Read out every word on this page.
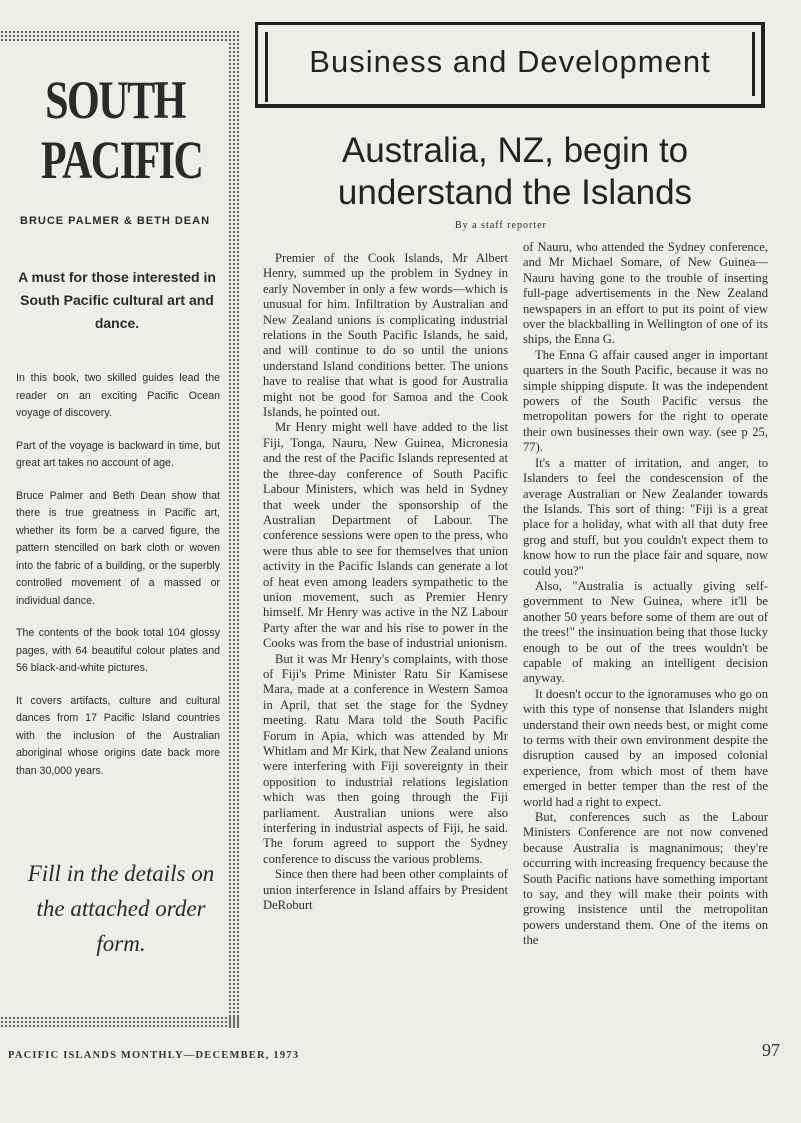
SOUTH PACIFIC
BRUCE PALMER & BETH DEAN
A must for those interested in South Pacific cultural art and dance.

In this book, two skilled guides lead the reader on an exciting Pacific Ocean voyage of discovery.

Part of the voyage is backward in time, but great art takes no account of age.

Bruce Palmer and Beth Dean show that there is true greatness in Pacific art, whether its form be a carved figure, the pattern stencilled on bark cloth or woven into the fabric of a building, or the superbly controlled movement of a massed or individual dance.

The contents of the book total 104 glossy pages, with 64 beautiful colour plates and 56 black-and-white pictures.

It covers artifacts, culture and cultural dances from 17 Pacific Island countries with the inclusion of the Australian aboriginal whose origins date back more than 30,000 years.

Fill in the details on the attached order form.
Business and Development
Australia, NZ, begin to understand the Islands
By a staff reporter

Premier of the Cook Islands, Mr Albert Henry, summed up the problem in Sydney in early November in only a few words—which is unusual for him. Infiltration by Australian and New Zealand unions is complicating industrial relations in the South Pacific Islands, he said, and will continue to do so until the unions understand Island conditions better. The unions have to realise that what is good for Australia might not be good for Samoa and the Cook Islands, he pointed out.

Mr Henry might well have added to the list Fiji, Tonga, Nauru, New Guinea, Micronesia and the rest of the Pacific Islands represented at the three-day conference of South Pacific Labour Ministers, which was held in Sydney that week under the sponsorship of the Australian Department of Labour. The conference sessions were open to the press, who were thus able to see for themselves that union activity in the Pacific Islands can generate a lot of heat even among leaders sympathetic to the union movement, such as Premier Henry himself. Mr Henry was active in the NZ Labour Party after the war and his rise to power in the Cooks was from the base of industrial unionism.

But it was Mr Henry's complaints, with those of Fiji's Prime Minister Ratu Sir Kamisese Mara, made at a conference in Western Samoa in April, that set the stage for the Sydney meeting. Ratu Mara told the South Pacific Forum in Apia, which was attended by Mr Whitlam and Mr Kirk, that New Zealand unions were interfering with Fiji sovereignty in their opposition to industrial relations legislation which was then going through the Fiji parliament. Australian unions were also interfering in industrial aspects of Fiji, he said. The forum agreed to support the Sydney conference to discuss the various problems.

Since then there had been other complaints of union interference in Island affairs by President DeRoburt

of Nauru, who attended the Sydney conference, and Mr Michael Somare, of New Guinea—Nauru having gone to the trouble of inserting full-page advertisements in the New Zealand newspapers in an effort to put its point of view over the blackballing in Wellington of one of its ships, the Enna G.

The Enna G affair caused anger in important quarters in the South Pacific, because it was no simple shipping dispute. It was the independent powers of the South Pacific versus the metropolitan powers for the right to operate their own businesses their own way. (see p 25, 77).

It's a matter of irritation, and anger, to Islanders to feel the condescension of the average Australian or New Zealander towards the Islands. This sort of thing: "Fiji is a great place for a holiday, what with all that duty free grog and stuff, but you couldn't expect them to know how to run the place fair and square, now could you?"

Also, "Australia is actually giving self-government to New Guinea, where it'll be another 50 years before some of them are out of the trees!" the insinuation being that those lucky enough to be out of the trees wouldn't be capable of making an intelligent decision anyway.

It doesn't occur to the ignoramuses who go on with this type of nonsense that Islanders might understand their own needs best, or might come to terms with their own environment despite the disruption caused by an imposed colonial experience, from which most of them have emerged in better temper than the rest of the world had a right to expect.

But, conferences such as the Labour Ministers Conference are not now convened because Australia is magnanimous; they're occurring with increasing frequency because the South Pacific nations have something important to say, and they will make their points with growing insistence until the metropolitan powers understand them. One of the items on the

PACIFIC ISLANDS MONTHLY—DECEMBER, 1973	97
